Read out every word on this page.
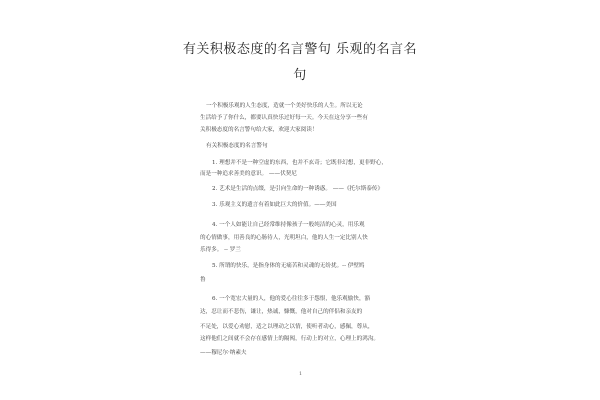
有关积极态度的名言警句 乐观的名言名
句
一个积极乐观的人生态度，造就一个美好快乐的人生。所以无论
生活给予了你什么，都要认真快乐过好每一天。今天在这分享一些有
关积极态度的名言警句给大家，欢迎大家阅读！
有关积极态度的名言警句
1. 理想并不是一种空虚的东西，也并不玄奇；它既非幻想，更非野心，
而是一种追求善美的意识。 ——伏契尼
2. 艺术是生活的点缀，是引向生命的一种诱惑。 ——《托尔斯泰传》
3. 乐观主义的遗言有着如此巨大的价值。——美国
4. 一个人如能让自己经常维持像孩子一般纯洁的心灵，用乐观
的心情做事，用善良的心肠待人，光明坦白，他的人生一定比别人快
乐得多。 -- 罗兰
5. 所谓的快乐，是指身体的无痛苦和灵魂的无纷扰。-- 伊壁鸠
鲁
6. 一个宽宏大量的人，他的爱心往往多于怨恨，他乐观愉快，豁
达，忍让而不悲伤，谦让，热诚，慷慨，他对自己的伴侣和亲友的
不足处，以爱心劝慰，适之以理动之以情，使听者动心，感佩，尊从，
这样他们之间就不会存在感情上的隔阂，行动上的对立，心理上的鸿沟。
——穆尼尔·纳素夫
1
